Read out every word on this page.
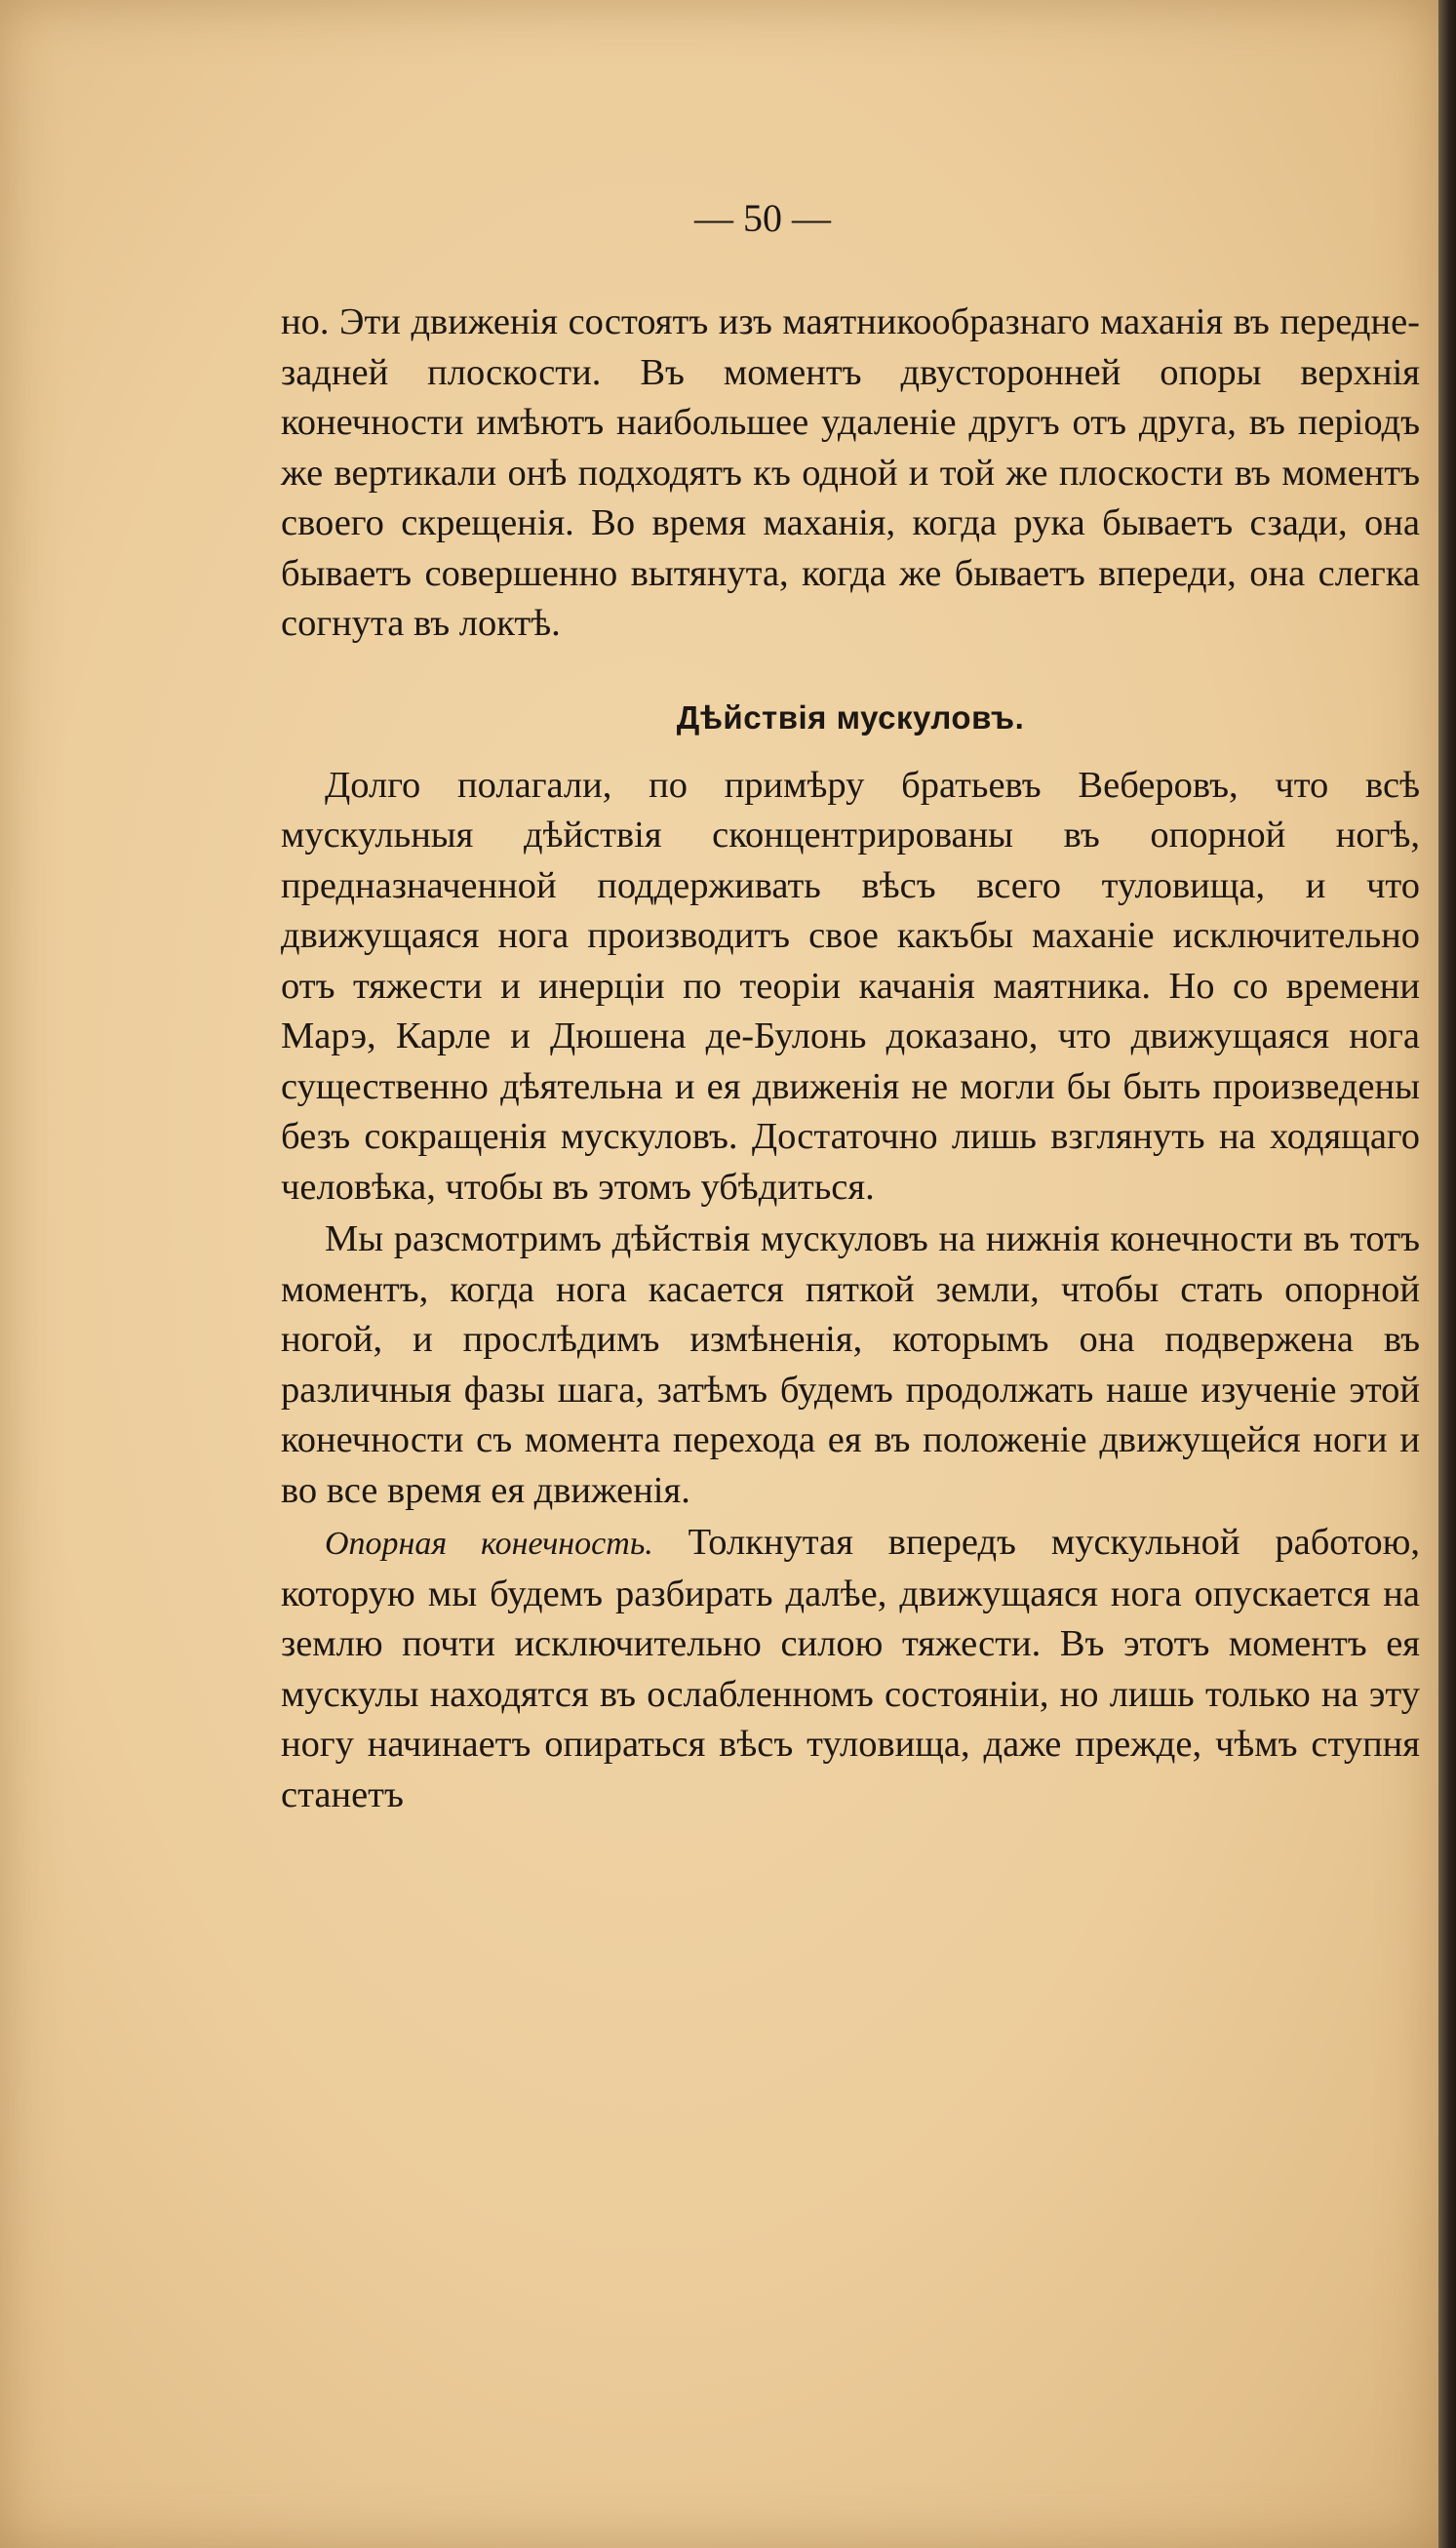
— 50 —

но. Эти движенія состоятъ изъ маятникообразнаго маханія въ передне-задней плоскости. Въ моментъ двусторонней опоры верхнія конечности имѣютъ наибольшее удаленіе другъ отъ друга, въ періодъ же вертикали онѣ подходятъ къ одной и той же плоскости въ моментъ своего скрещенія. Во время маханія, когда рука бываетъ сзади, она бываетъ совершенно вытянута, когда же бываетъ впереди, она слегка согнута въ локтѣ.

Дѣйствія мускуловъ.

Долго полагали, по примѣру братьевъ Веберовъ, что всѣ мускульныя дѣйствія сконцентрированы въ опорной ногѣ, предназначенной поддерживать вѣсъ всего туловища, и что движущаяся нога производитъ свое какъбы маханіе исключительно отъ тяжести и инерціи по теоріи качанія маятника. Но со времени Марэ, Карле и Дюшена де-Булонь доказано, что движущаяся нога существенно дѣятельна и ея движенія не могли бы быть произведены безъ сокращенія мускуловъ. Достаточно лишь взглянуть на ходящаго человѣка, чтобы въ этомъ убѣдиться.

Мы разсмотримъ дѣйствія мускуловъ на нижнія конечности въ тотъ моментъ, когда нога касается пяткой земли, чтобы стать опорной ногой, и прослѣдимъ измѣненія, которымъ она подвержена въ различныя фазы шага, затѣмъ будемъ продолжать наше изученіе этой конечности съ момента перехода ея въ положеніе движущейся ноги и во все время ея движенія.

Опорная конечность. Толкнутая впередъ мускульной работою, которую мы будемъ разбирать далѣе, движущаяся нога опускается на землю почти исключительно силою тяжести. Въ этотъ моментъ ея мускулы находятся въ ослабленномъ состояніи, но лишь только на эту ногу начинаетъ опираться вѣсъ туловища, даже прежде, чѣмъ ступня станетъ
